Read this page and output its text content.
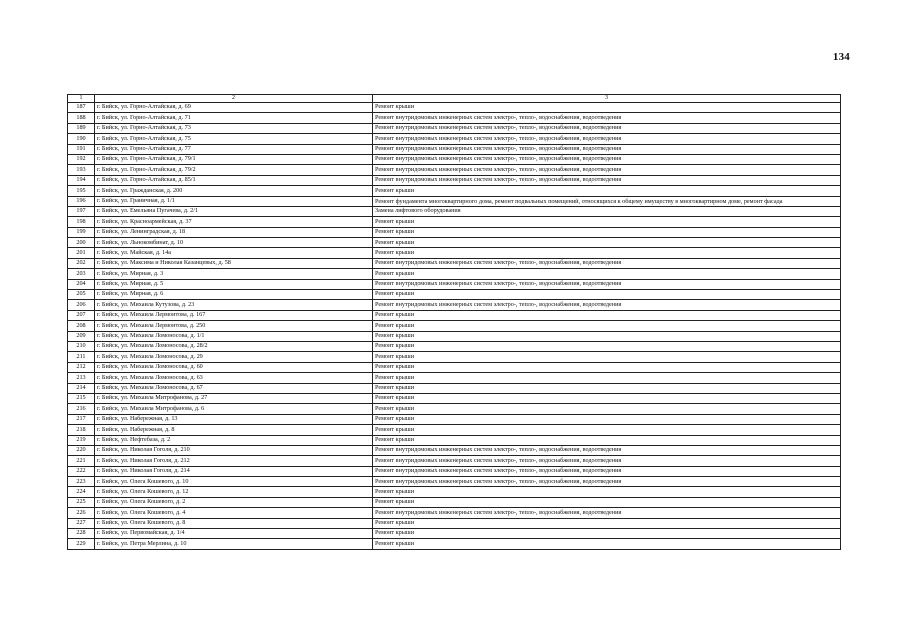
134
1	2	3
187	г. Бийск, ул. Горно-Алтайская, д. 69	Ремонт крыши
188	г. Бийск, ул. Горно-Алтайская, д. 71	Ремонт внутридомовых инженерных систем электро-, тепло-, водоснабжения, водоотведения
189	г. Бийск, ул. Горно-Алтайская, д. 73	Ремонт внутридомовых инженерных систем электро-, тепло-, водоснабжения, водоотведения
190	г. Бийск, ул. Горно-Алтайская, д. 75	Ремонт внутридомовых инженерных систем электро-, тепло-, водоснабжения, водоотведения
191	г. Бийск, ул. Горно-Алтайская, д. 77	Ремонт внутридомовых инженерных систем электро-, тепло-, водоснабжения, водоотведения
192	г. Бийск, ул. Горно-Алтайская, д. 79/1	Ремонт внутридомовых инженерных систем электро-, тепло-, водоснабжения, водоотведения
193	г. Бийск, ул. Горно-Алтайская, д. 79/2	Ремонт внутридомовых инженерных систем электро-, тепло-, водоснабжения, водоотведения
194	г. Бийск, ул. Горно-Алтайская, д. 85/1	Ремонт внутридомовых инженерных систем электро-, тепло-, водоснабжения, водоотведения
195	г. Бийск, ул. Гражданская, д. 200	Ремонт крыши
196	г. Бийск, ул. Граничная, д. 1/1	Ремонт фундамента многоквартирного дома, ремонт подвальных помещений, относящихся к общему имуществу в многоквартирном доме, ремонт фасада
197	г. Бийск, ул. Емельяна Пугачева, д. 2/1	Замена лифтового оборудования
198	г. Бийск, ул. Красноармейская, д. 37	Ремонт крыши
199	г. Бийск, ул. Ленинградская, д. 18	Ремонт крыши
200	г. Бийск, ул. Льнокомбинат, д. 10	Ремонт крыши
201	г. Бийск, ул. Майская, д. 14а	Ремонт крыши
202	г. Бийск, ул. Максима и Николая Казанцевых, д. 58	Ремонт внутридомовых инженерных систем электро-, тепло-, водоснабжения, водоотведения
203	г. Бийск, ул. Мирная, д. 3	Ремонт крыши
204	г. Бийск, ул. Мирная, д. 5	Ремонт внутридомовых инженерных систем электро-, тепло-, водоснабжения, водоотведения
205	г. Бийск, ул. Мирная, д. 6	Ремонт крыши
206	г. Бийск, ул. Михаила Кутузова, д. 23	Ремонт внутридомовых инженерных систем электро-, тепло-, водоснабжения, водоотведения
207	г. Бийск, ул. Михаила Лермонтова, д. 167	Ремонт крыши
208	г. Бийск, ул. Михаила Лермонтова, д. 250	Ремонт крыши
209	г. Бийск, ул. Михаила Ломоносова, д. 1/1	Ремонт крыши
210	г. Бийск, ул. Михаила Ломоносова, д. 28/2	Ремонт крыши
211	г. Бийск, ул. Михаила Ломоносова, д. 29	Ремонт крыши
212	г. Бийск, ул. Михаила Ломоносова, д. 60	Ремонт крыши
213	г. Бийск, ул. Михаила Ломоносова, д. 63	Ремонт крыши
214	г. Бийск, ул. Михаила Ломоносова, д. 67	Ремонт крыши
215	г. Бийск, ул. Михаила Митрофанова, д. 27	Ремонт крыши
216	г. Бийск, ул. Михаила Митрофанова, д. 6	Ремонт крыши
217	г. Бийск, ул. Набережная, д. 13	Ремонт крыши
218	г. Бийск, ул. Набережная, д. 8	Ремонт крыши
219	г. Бийск, ул. Нефтебаза, д. 2	Ремонт крыши
220	г. Бийск, ул. Николая Гоголя, д. 210	Ремонт внутридомовых инженерных систем электро-, тепло-, водоснабжения, водоотведения
221	г. Бийск, ул. Николая Гоголя, д. 212	Ремонт внутридомовых инженерных систем электро-, тепло-, водоснабжения, водоотведения
222	г. Бийск, ул. Николая Гоголя, д. 214	Ремонт внутридомовых инженерных систем электро-, тепло-, водоснабжения, водоотведения
223	г. Бийск, ул. Олега Кошевого, д. 10	Ремонт внутридомовых инженерных систем электро-, тепло-, водоснабжения, водоотведения
224	г. Бийск, ул. Олега Кошевого, д. 12	Ремонт крыши
225	г. Бийск, ул. Олега Кошевого, д. 2	Ремонт крыши
226	г. Бийск, ул. Олега Кошевого, д. 4	Ремонт внутридомовых инженерных систем электро-, тепло-, водоснабжения, водоотведения
227	г. Бийск, ул. Олега Кошевого, д. 8	Ремонт крыши
228	г. Бийск, ул. Первомайская, д. 1/4	Ремонт крыши
229	г. Бийск, ул. Петра Мерлина, д. 10	Ремонт крыши
